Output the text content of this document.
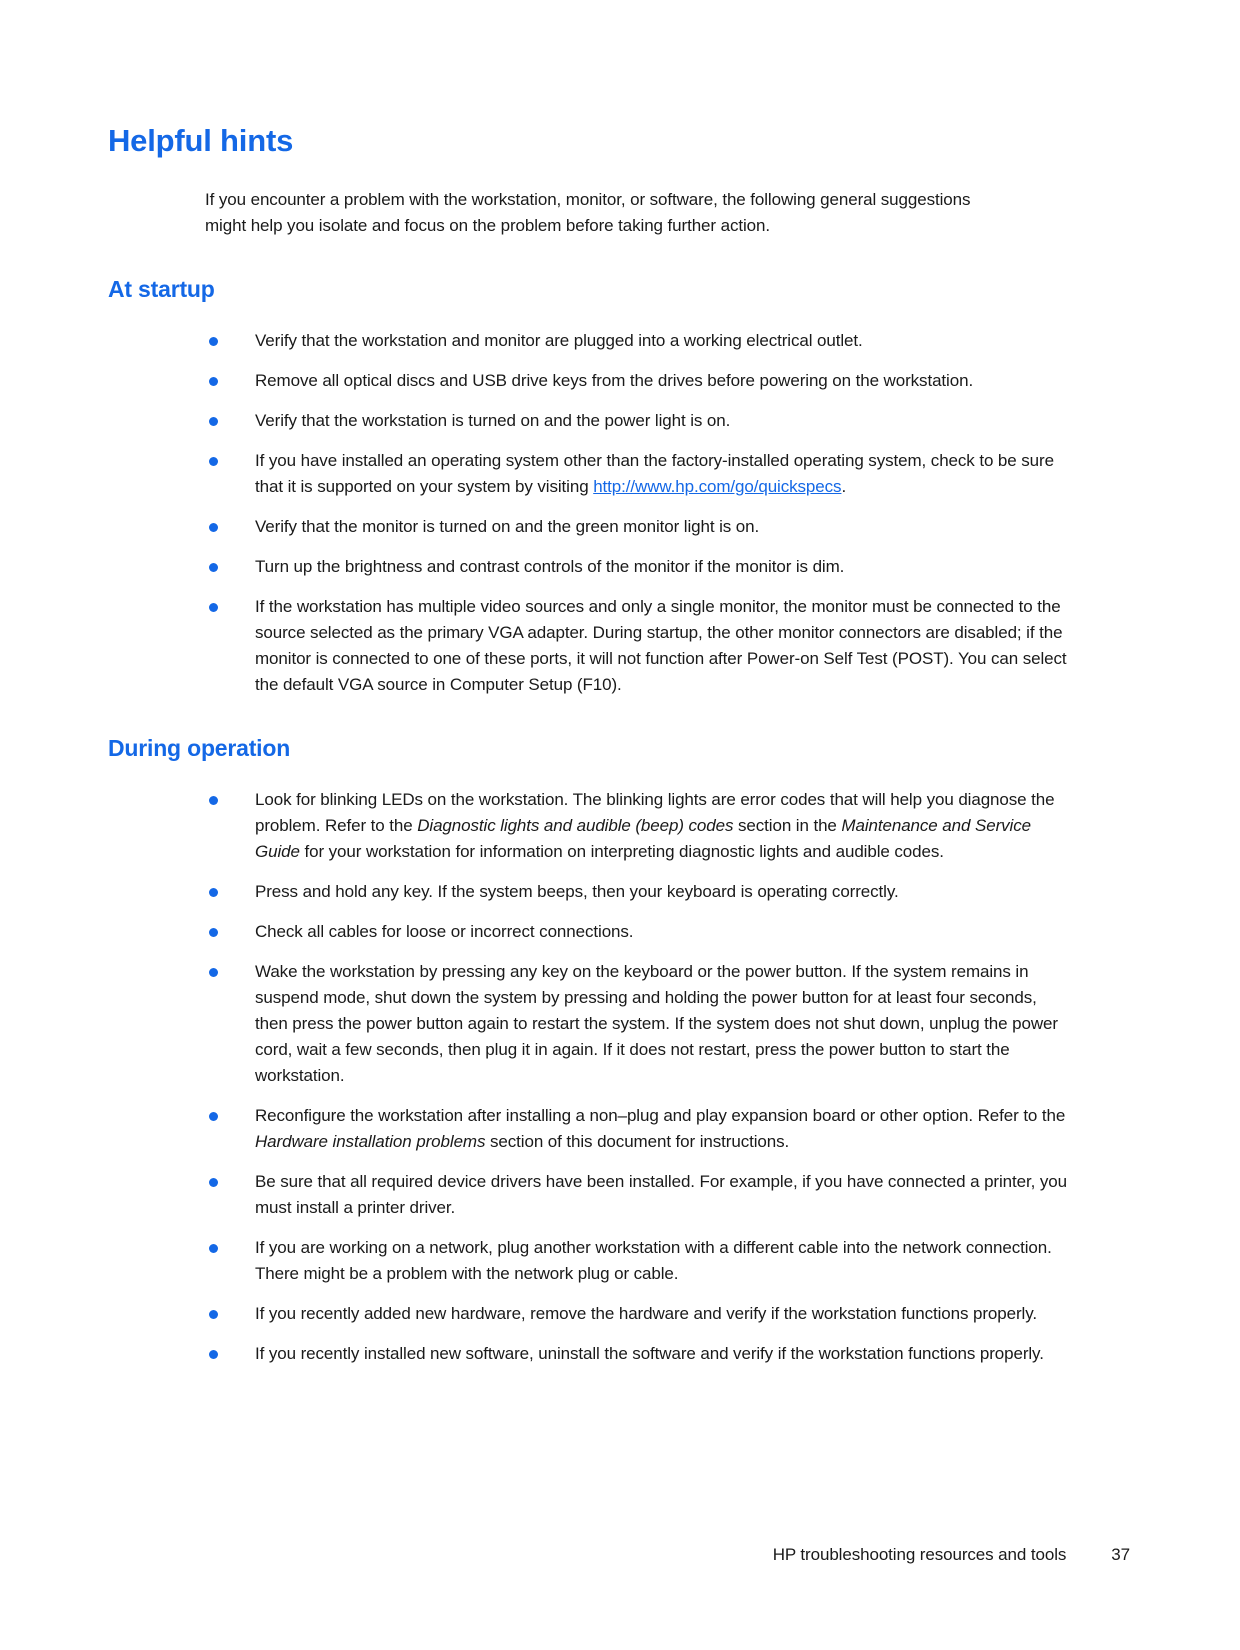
Helpful hints

If you encounter a problem with the workstation, monitor, or software, the following general suggestions might help you isolate and focus on the problem before taking further action.

At startup
Verify that the workstation and monitor are plugged into a working electrical outlet.
Remove all optical discs and USB drive keys from the drives before powering on the workstation.
Verify that the workstation is turned on and the power light is on.
If you have installed an operating system other than the factory-installed operating system, check to be sure that it is supported on your system by visiting http://www.hp.com/go/quickspecs.
Verify that the monitor is turned on and the green monitor light is on.
Turn up the brightness and contrast controls of the monitor if the monitor is dim.
If the workstation has multiple video sources and only a single monitor, the monitor must be connected to the source selected as the primary VGA adapter. During startup, the other monitor connectors are disabled; if the monitor is connected to one of these ports, it will not function after Power-on Self Test (POST). You can select the default VGA source in Computer Setup (F10).
During operation
Look for blinking LEDs on the workstation. The blinking lights are error codes that will help you diagnose the problem. Refer to the Diagnostic lights and audible (beep) codes section in the Maintenance and Service Guide for your workstation for information on interpreting diagnostic lights and audible codes.
Press and hold any key. If the system beeps, then your keyboard is operating correctly.
Check all cables for loose or incorrect connections.
Wake the workstation by pressing any key on the keyboard or the power button. If the system remains in suspend mode, shut down the system by pressing and holding the power button for at least four seconds, then press the power button again to restart the system. If the system does not shut down, unplug the power cord, wait a few seconds, then plug it in again. If it does not restart, press the power button to start the workstation.
Reconfigure the workstation after installing a non–plug and play expansion board or other option. Refer to the Hardware installation problems section of this document for instructions.
Be sure that all required device drivers have been installed. For example, if you have connected a printer, you must install a printer driver.
If you are working on a network, plug another workstation with a different cable into the network connection. There might be a problem with the network plug or cable.
If you recently added new hardware, remove the hardware and verify if the workstation functions properly.
If you recently installed new software, uninstall the software and verify if the workstation functions properly.
HP troubleshooting resources and tools	37
